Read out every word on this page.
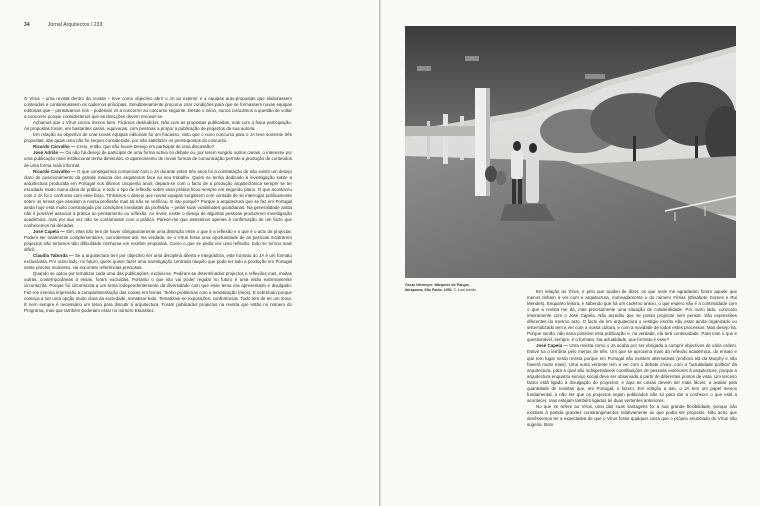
34	Jornal Arquitectos / 233

O Vírus – uma revista dentro da revista – teve como objectivo abrir o JA ao exterior e a equipas auto-propostas que elaborassem conteúdos e contaminassem os cadernos principais. Simultaneamente procurou criar condições para que se formassem novas equipas editoriais que – pensávamos nós – poderiam vir a concorrer ao concurso seguinte. Desde o início, nunca colocámos a questão de voltar a concorrer porque considerámos que as direcções devem renovar-se.

Achamos que o Vírus correu menos bem. Ficámos desiludidos. Não com as propostas publicadas, mas com a fraca participação. As propostas foram, em bastantes casos, equívocas, com pessoas a propor a publicação de projectos da sua autoria.

Em relação ao objectivo de criar novas equipas editoriais foi um fracasso, visto que o novo concurso para o JA teve somente três propostas, das quais uma não foi sequer considerada, por não satisfazer os pressupostos do concurso.

Ricardo Carvalho — Creio, então, que não houve Desejo em participar de uma discussão?

José Adrião — Ou não há desejo de participar de uma forma activa no debate ou, por terem surgido outros canais, o interesse por uma publicação mais institucional tenha diminuído. O aparecimento de novas formas de comunicação permite a produção de conteúdos de uma forma mais informal.

Ricardo Carvalho — O que conseguimos comprovar com o JA durante estes três anos foi a constatação de não existir um desejo claro de posicionamento da grande maioria dos arquitectos face ao seu trabalho. Quem se tenha dedicado à investigação sobre a arquitectura produzida em Portugal nos últimos cinquenta anos, depara-se com o facto de a produção arquitectónica sempre se ter escudado muito numa ideia de prática, e todo o tipo de reflexão sobre essa prática ficou sempre em segundo plano. O que aconteceu com o JA foi o confronto com esse facto. Tínhamos o desejo que novas equipas surgissem com vontade de se interrogar publicamente sobre os temas que assolam a nossa profissão mas tal não se verificou. E isto porquê? Porque a arquitectura que se faz em Portugal ainda hoje está muito constrangida por condições imediatas da profissão – pelas suas vicissitudes quotidianas. Na generalidade ainda não é possível associar a prática ao pensamento ou reflexão. Ao invés, existe o desejo de algumas pessoas produzirem investigação académica, mas por sua vez não se contaminam com a prática. Parece-me que assistimos apenas à confirmação de um facto que conhecemos há décadas.

José Capela — Sim. Mas não tem de haver obrigatoriamente uma distinção entre o que é a reflexão e o que é o acto de projectar. Podem ser totalmente complementares, coincidentes até. Na verdade, se o Vírus fosse uma oportunidade de as pessoas mostrarem projectos não teríamos tido dificuldade nenhuma em receber propostas. Como o que se pedia era uma reflexão, tudo se tornou mais difícil.

Claudia Taborda — Se a arquitectura tem por objectivo ser uma disciplina aberta e integradora, este formato do JA é um formato exclusivista. Por outro lado, no futuro, quem quiser fazer uma investigação centrada naquilo que pode ter sido a produção em Portugal neste preciso momento, vai encontrar referências preciosas.

Quando se optou por tematizar cada uma das publicações, excluiu-se. Pediram-se determinados projectos e reflexões mas, muitas outras, contemporâneas a essas, foram excluídas. Portanto o que isto vai poder regular no futuro é uma visão extremamente circunscrita. Porque foi circunscrita a um tema independentemente da diversidade com que esse tema era apresentado e divulgado. Faz-me imensa impressão a compartimentação das coisas em temas. Tenho problemas com a tematização (risos). E sobretudo porque começa a ser uma opção muito clara da sociedade, tematizar tudo. Tematizam-se exposições, conferências. Tudo tem de ter um tema. E nem sempre é necessário um tema para discutir a arquitectura. Foram publicados projectos na revista que estão no número do Programa, mas que também poderiam estar no número Escassez.

Oscar Niemeyer: Marquise do Parque, Ibirapuera, São Paulo, 1951. © José Adrião	Em relação ao Vírus, e pelo que acabei de dizer, os que mais me agradaram foram aquele que menos tinham a ver com a arquitectura, nomeadamente o do número Férias (Elisabete Gomes e Rui Mendes). Enquanto leitora, e sabendo que há um caderno anexo, o que espero não é a continuidade com o que a revista me dá, mas precisamente uma situação de colateralidade. Por outro lado, concordo inteiramente com o José Capela. Não acredito que se possa projectar sem pensar. São expressões diferentes do mesmo acto. O facto de em arquitectura o vestígio escrito não estar ainda organizado ou sistematizado tem a ver com a nossa cultura, e com a novidade de todos estes processos. Mas desejo há. Porque senão, não seria possível esta publicação e, na verdade, ela terá continuidade. Para mim o que é questionável, sempre, é o formato. Na actualidade, que formato é esse?

José Capela — Uma revista como o JA acaba por ser obrigada a cumprir objectivos de vária ordem. Estive na o lembrar pelo menos de três. Um que se aproxima mais da reflexão académica, do ensaio e que tem lugar nesta revista porque em Portugal não existem alternativas (embora ela da Murphy e não haverá muito mais). Uma outra vertente tem a ver com o debate cívico, com a "actualidade política" da arquitectura, para a qual são indispensáveis contribuições de pessoas exteriores à arquitectura, porque a arquitectura enquanto serviço social deve ser observada a partir de diferentes pontos de vista. Um terceiro factor está ligado à divulgação de projectos, e aqui as coisas devem ser mais fáceis, a avaliar pela quantidade de revistas que, em Portugal, o fazem. Em relação a isto, o JA tem um papel menos fundamental, a não ser que os projectos sejam publicados não só para dar a conhecer o que está a acontecer, mas estejam também ligados às duas vertentes anteriores.

No que se refere ao Vírus, uma das suas vantagens foi a sua grande flexibilidade, porque não existiam à partida grandes constrangimentos relativamente ao que podia ser proposto. Não acho que devêssemos ter a expectativa de que o Vírus fosse qualquer coisa que o próprio enunciado do Vírus não sugeria. Bom.
